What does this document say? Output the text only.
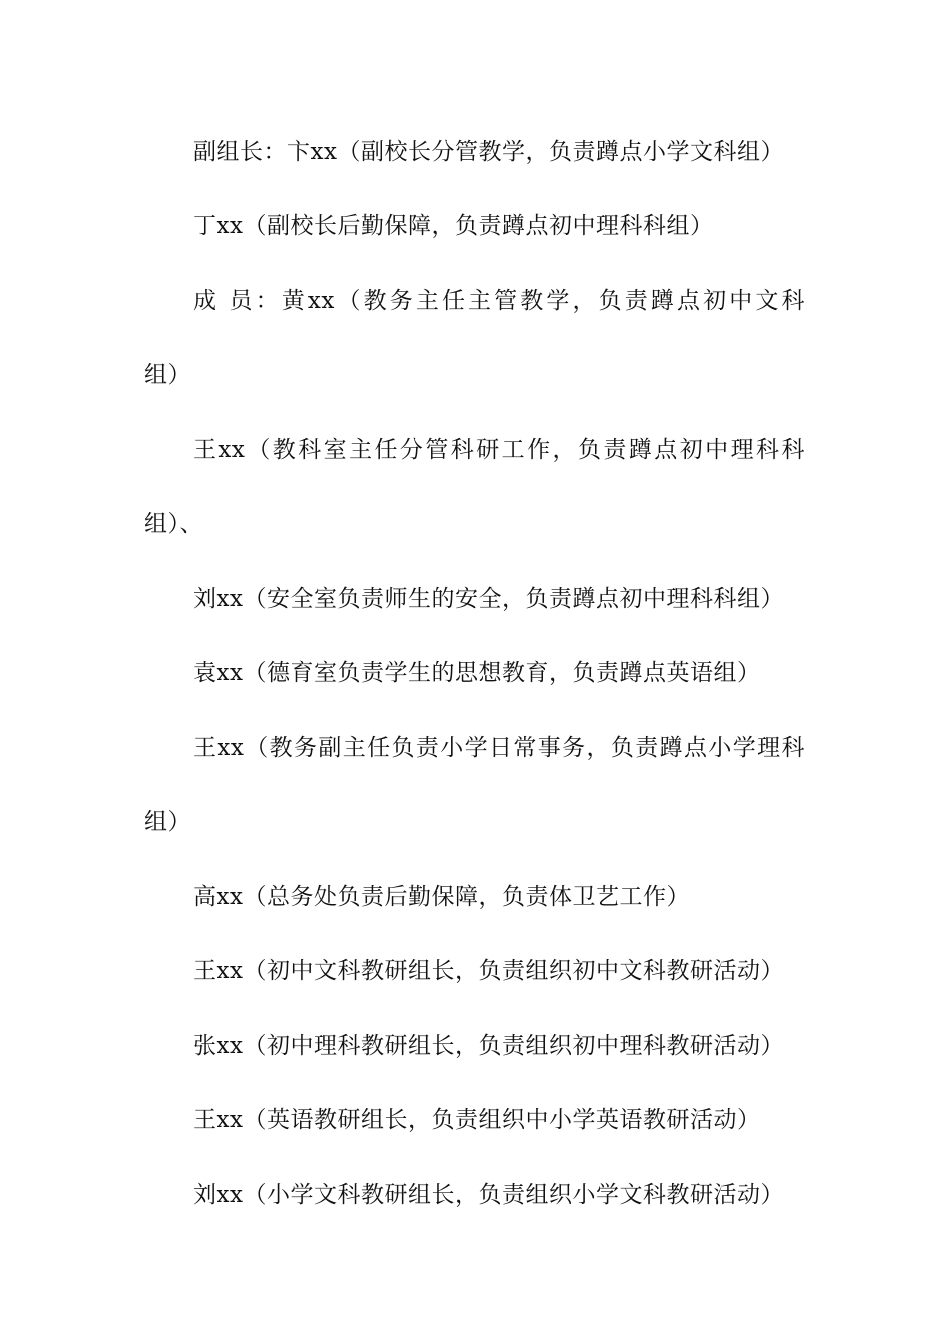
副组长：卞xx（副校长分管教学，负责蹲点小学文科组）
丁xx（副校长后勤保障，负责蹲点初中理科科组）
成 员：黄xx（教务主任主管教学，负责蹲点初中文科
组）
王xx（教科室主任分管科研工作，负责蹲点初中理科科
组）、
刘xx（安全室负责师生的安全，负责蹲点初中理科科组）
袁xx（德育室负责学生的思想教育，负责蹲点英语组）
王xx（教务副主任负责小学日常事务，负责蹲点小学理科
组）
高xx（总务处负责后勤保障，负责体卫艺工作）
王xx（初中文科教研组长，负责组织初中文科教研活动）
张xx（初中理科教研组长，负责组织初中理科教研活动）
王xx（英语教研组长，负责组织中小学英语教研活动）
刘xx（小学文科教研组长，负责组织小学文科教研活动）
